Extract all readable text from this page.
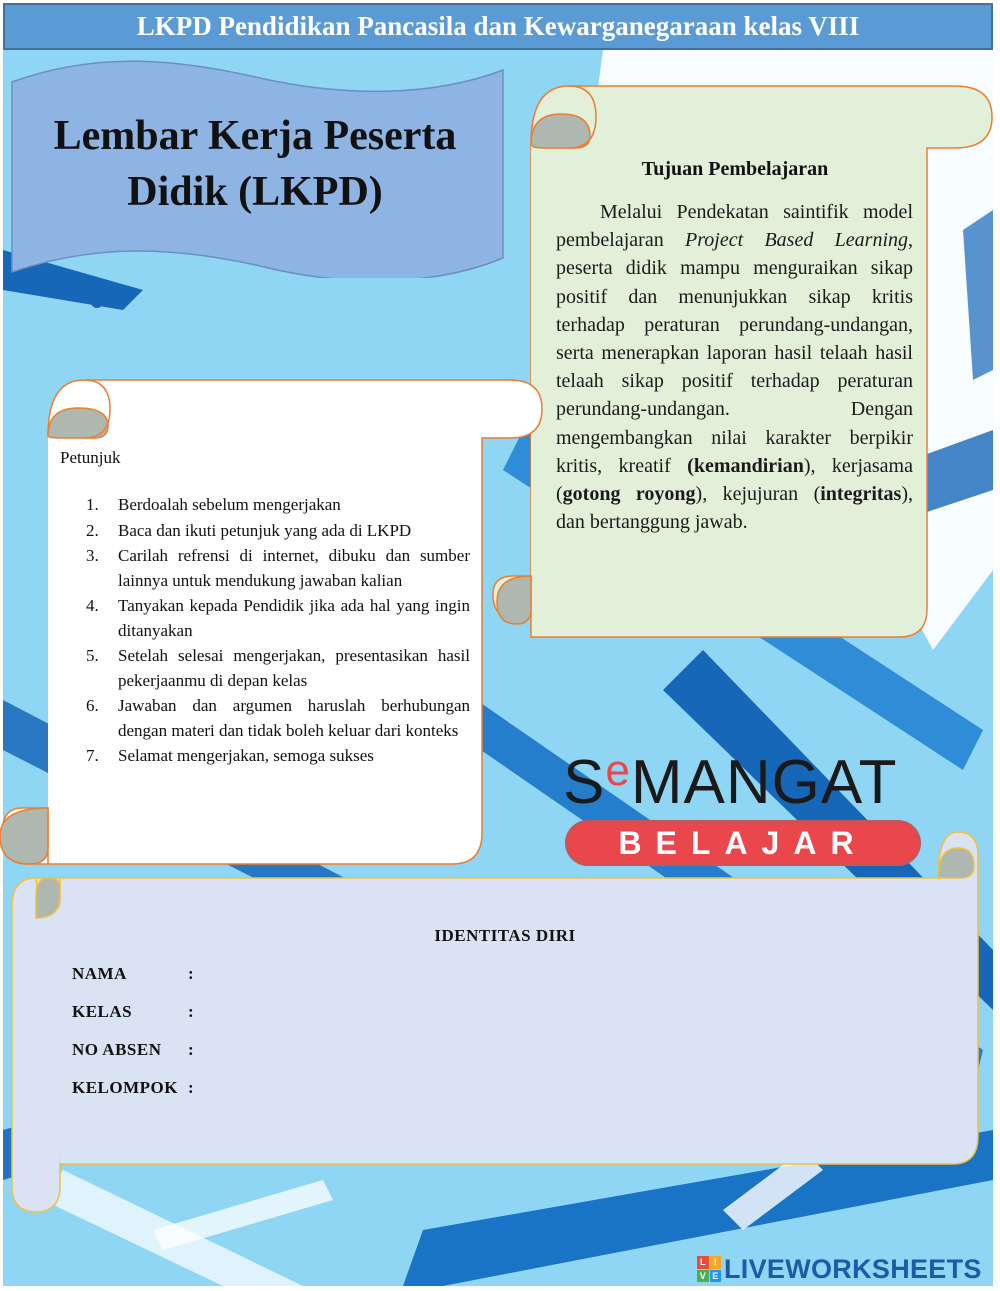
LKPD Pendidikan Pancasila dan Kewarganegaraan kelas VIII
Lembar Kerja Peserta
Didik (LKPD)	Tujuan Pembelajaran

Melalui Pendekatan saintifik model pembelajaran Project Based Learning, peserta didik mampu menguraikan sikap positif dan menunjukkan sikap kritis terhadap peraturan perundang-undangan, serta menerapkan laporan hasil telaah hasil telaah sikap positif terhadap peraturan perundang-undangan. Dengan mengembangkan nilai karakter berpikir kritis, kreatif (kemandirian), kerjasama (gotong royong), kejujuran (integritas), dan bertanggung jawab.

Petunjuk
1. Berdoalah sebelum mengerjakan
2. Baca dan ikuti petunjuk yang ada di LKPD
3. Carilah refrensi di internet, dibuku dan sumber lainnya untuk mendukung jawaban kalian
4. Tanyakan kepada Pendidik jika ada hal yang ingin ditanyakan
5. Setelah selesai mengerjakan, presentasikan hasil pekerjaanmu di depan kelas
6. Jawaban dan argumen haruslah berhubungan dengan materi dan tidak boleh keluar dari konteks
7. Selamat mengerjakan, semoga sukses	$S^eMANGAT$
BELAJAR
IDENTITAS DIRI
NAMA	:
KELAS	:
NO ABSEN :
KELOMPOK :
L I
V E LIVEWORKSHEETS
